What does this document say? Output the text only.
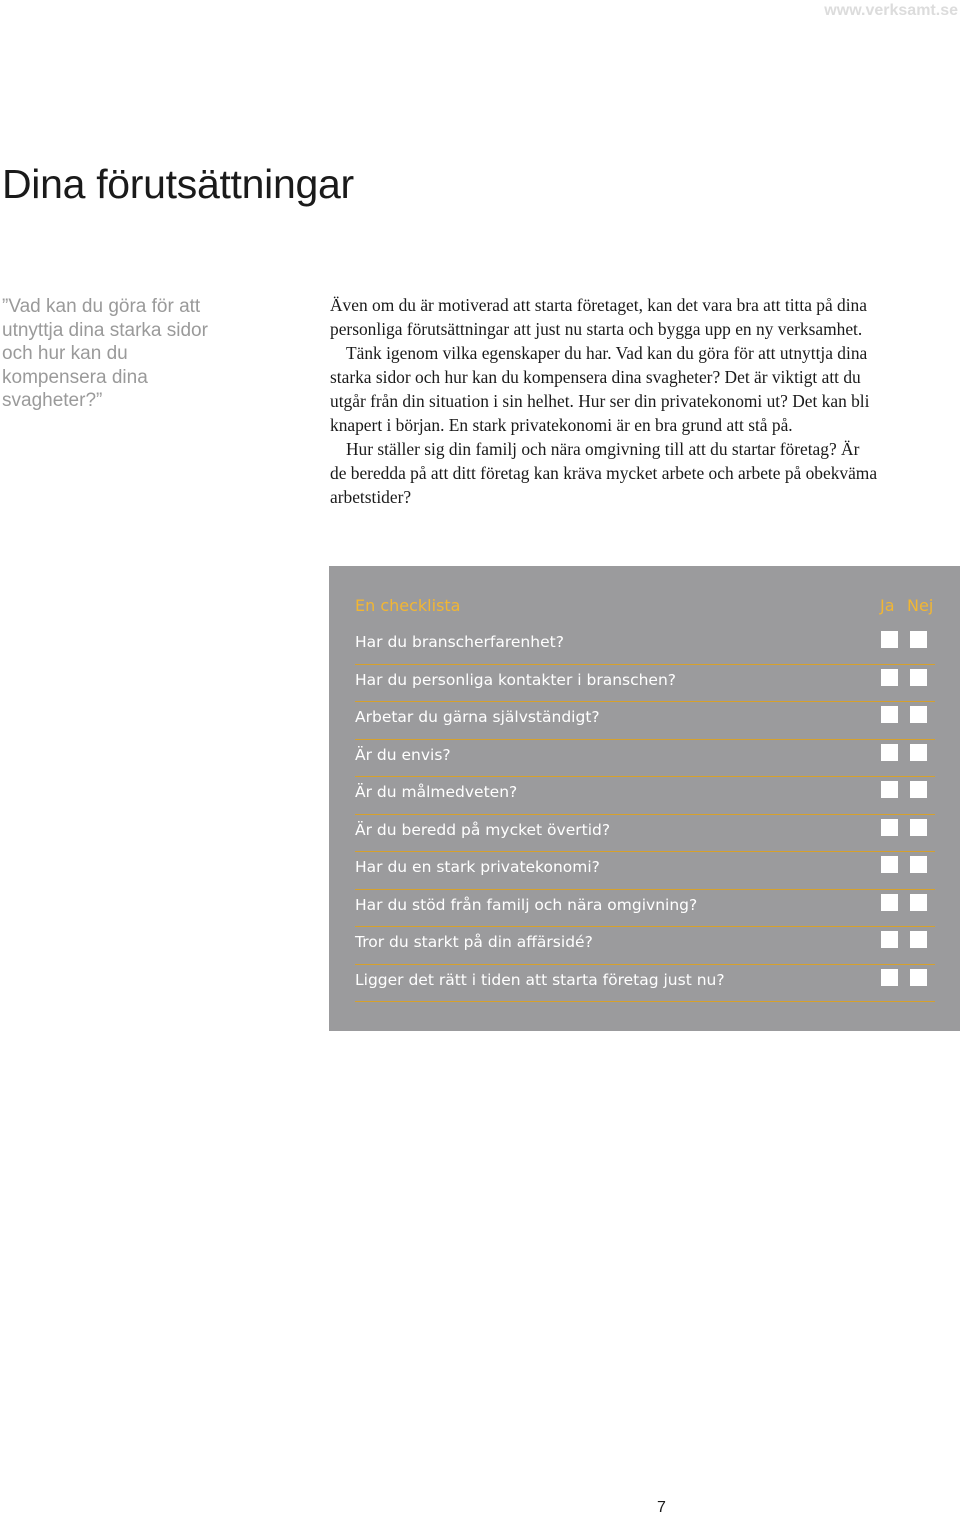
www.verksamt.se
Dina förutsättningar
”Vad kan du göra för att utnyttja dina starka sidor och hur kan du kompensera dina svagheter?”

Även om du är motiverad att starta företaget, kan det vara bra att titta på dina

personliga förutsättningar att just nu starta och bygga upp en ny verksamhet.

Tänk igenom vilka egenskaper du har. Vad kan du göra för att utnyttja dina

starka sidor och hur kan du kompensera dina svagheter? Det är viktigt att du

utgår från din situation i sin helhet. Hur ser din privatekonomi ut? Det kan bli

knapert i början. En stark privatekonomi är en bra grund att stå på.

Hur ställer sig din familj och nära omgivning till att du startar företag? Är

de beredda på att ditt företag kan kräva mycket arbete och arbete på obekväma

arbetstider?

En checklista	Ja Nej
Har du branscherfarenhet?
Har du personliga kontakter i branschen?
Arbetar du gärna självständigt?
Är du envis?
Är du målmedveten?
Är du beredd på mycket övertid?
Har du en stark privatekonomi?
Har du stöd från familj och nära omgivning?
Tror du starkt på din affärsidé?
Ligger det rätt i tiden att starta företag just nu?
7
